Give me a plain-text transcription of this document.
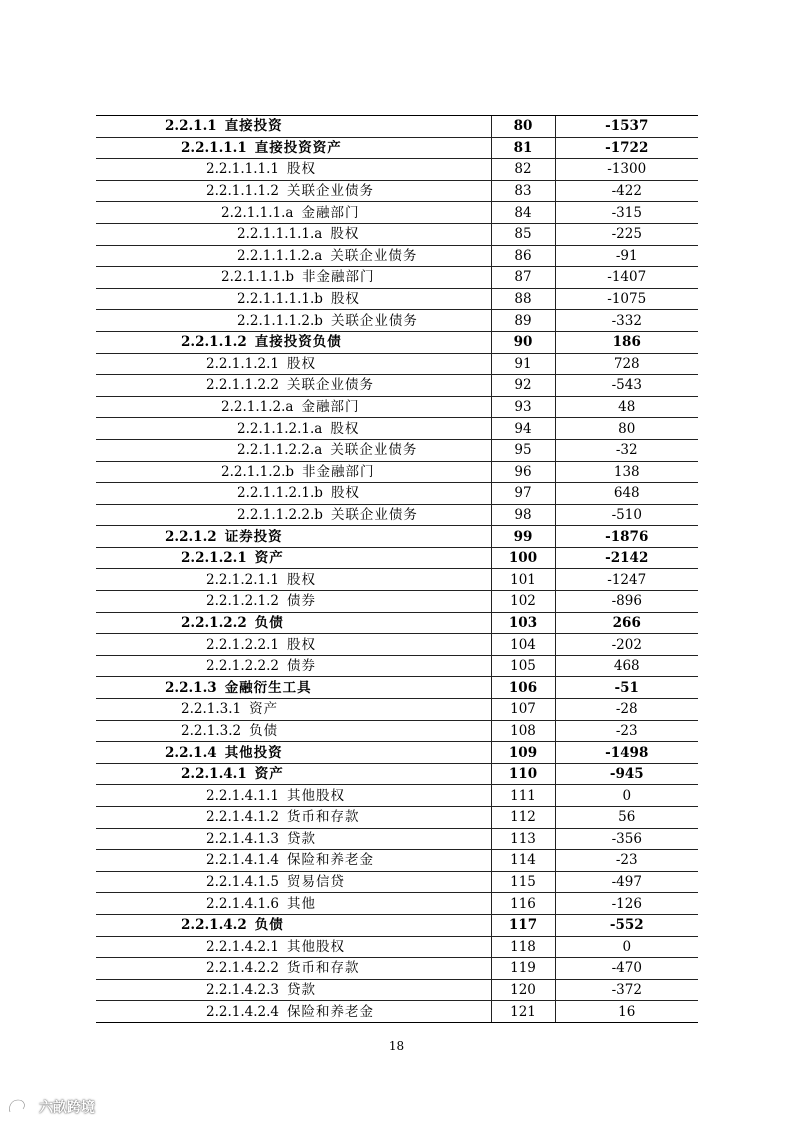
2.2.1.1 直接投资	80	-1537
2.2.1.1.1 直接投资资产	81	-1722
2.2.1.1.1.1 股权	82	-1300
2.2.1.1.1.2 关联企业债务	83	-422
2.2.1.1.1.a 金融部门	84	-315
2.2.1.1.1.1.a 股权	85	-225
2.2.1.1.1.2.a 关联企业债务	86	-91
2.2.1.1.1.b 非金融部门	87	-1407
2.2.1.1.1.1.b 股权	88	-1075
2.2.1.1.1.2.b 关联企业债务	89	-332
2.2.1.1.2 直接投资负债	90	186
2.2.1.1.2.1 股权	91	728
2.2.1.1.2.2 关联企业债务	92	-543
2.2.1.1.2.a 金融部门	93	48
2.2.1.1.2.1.a 股权	94	80
2.2.1.1.2.2.a 关联企业债务	95	-32
2.2.1.1.2.b 非金融部门	96	138
2.2.1.1.2.1.b 股权	97	648
2.2.1.1.2.2.b 关联企业债务	98	-510
2.2.1.2 证券投资	99	-1876
2.2.1.2.1 资产	100	-2142
2.2.1.2.1.1 股权	101	-1247
2.2.1.2.1.2 债券	102	-896
2.2.1.2.2 负债	103	266
2.2.1.2.2.1 股权	104	-202
2.2.1.2.2.2 债券	105	468
2.2.1.3 金融衍生工具	106	-51
2.2.1.3.1 资产	107	-28
2.2.1.3.2 负债	108	-23
2.2.1.4 其他投资	109	-1498
2.2.1.4.1 资产	110	-945
2.2.1.4.1.1 其他股权	111	0
2.2.1.4.1.2 货币和存款	112	56
2.2.1.4.1.3 贷款	113	-356
2.2.1.4.1.4 保险和养老金	114	-23
2.2.1.4.1.5 贸易信贷	115	-497
2.2.1.4.1.6 其他	116	-126
2.2.1.4.2 负债	117	-552
2.2.1.4.2.1 其他股权	118	0
2.2.1.4.2.2 货币和存款	119	-470
2.2.1.4.2.3 贷款	120	-372
2.2.1.4.2.4 保险和养老金	121	16
18
六畝跨境
